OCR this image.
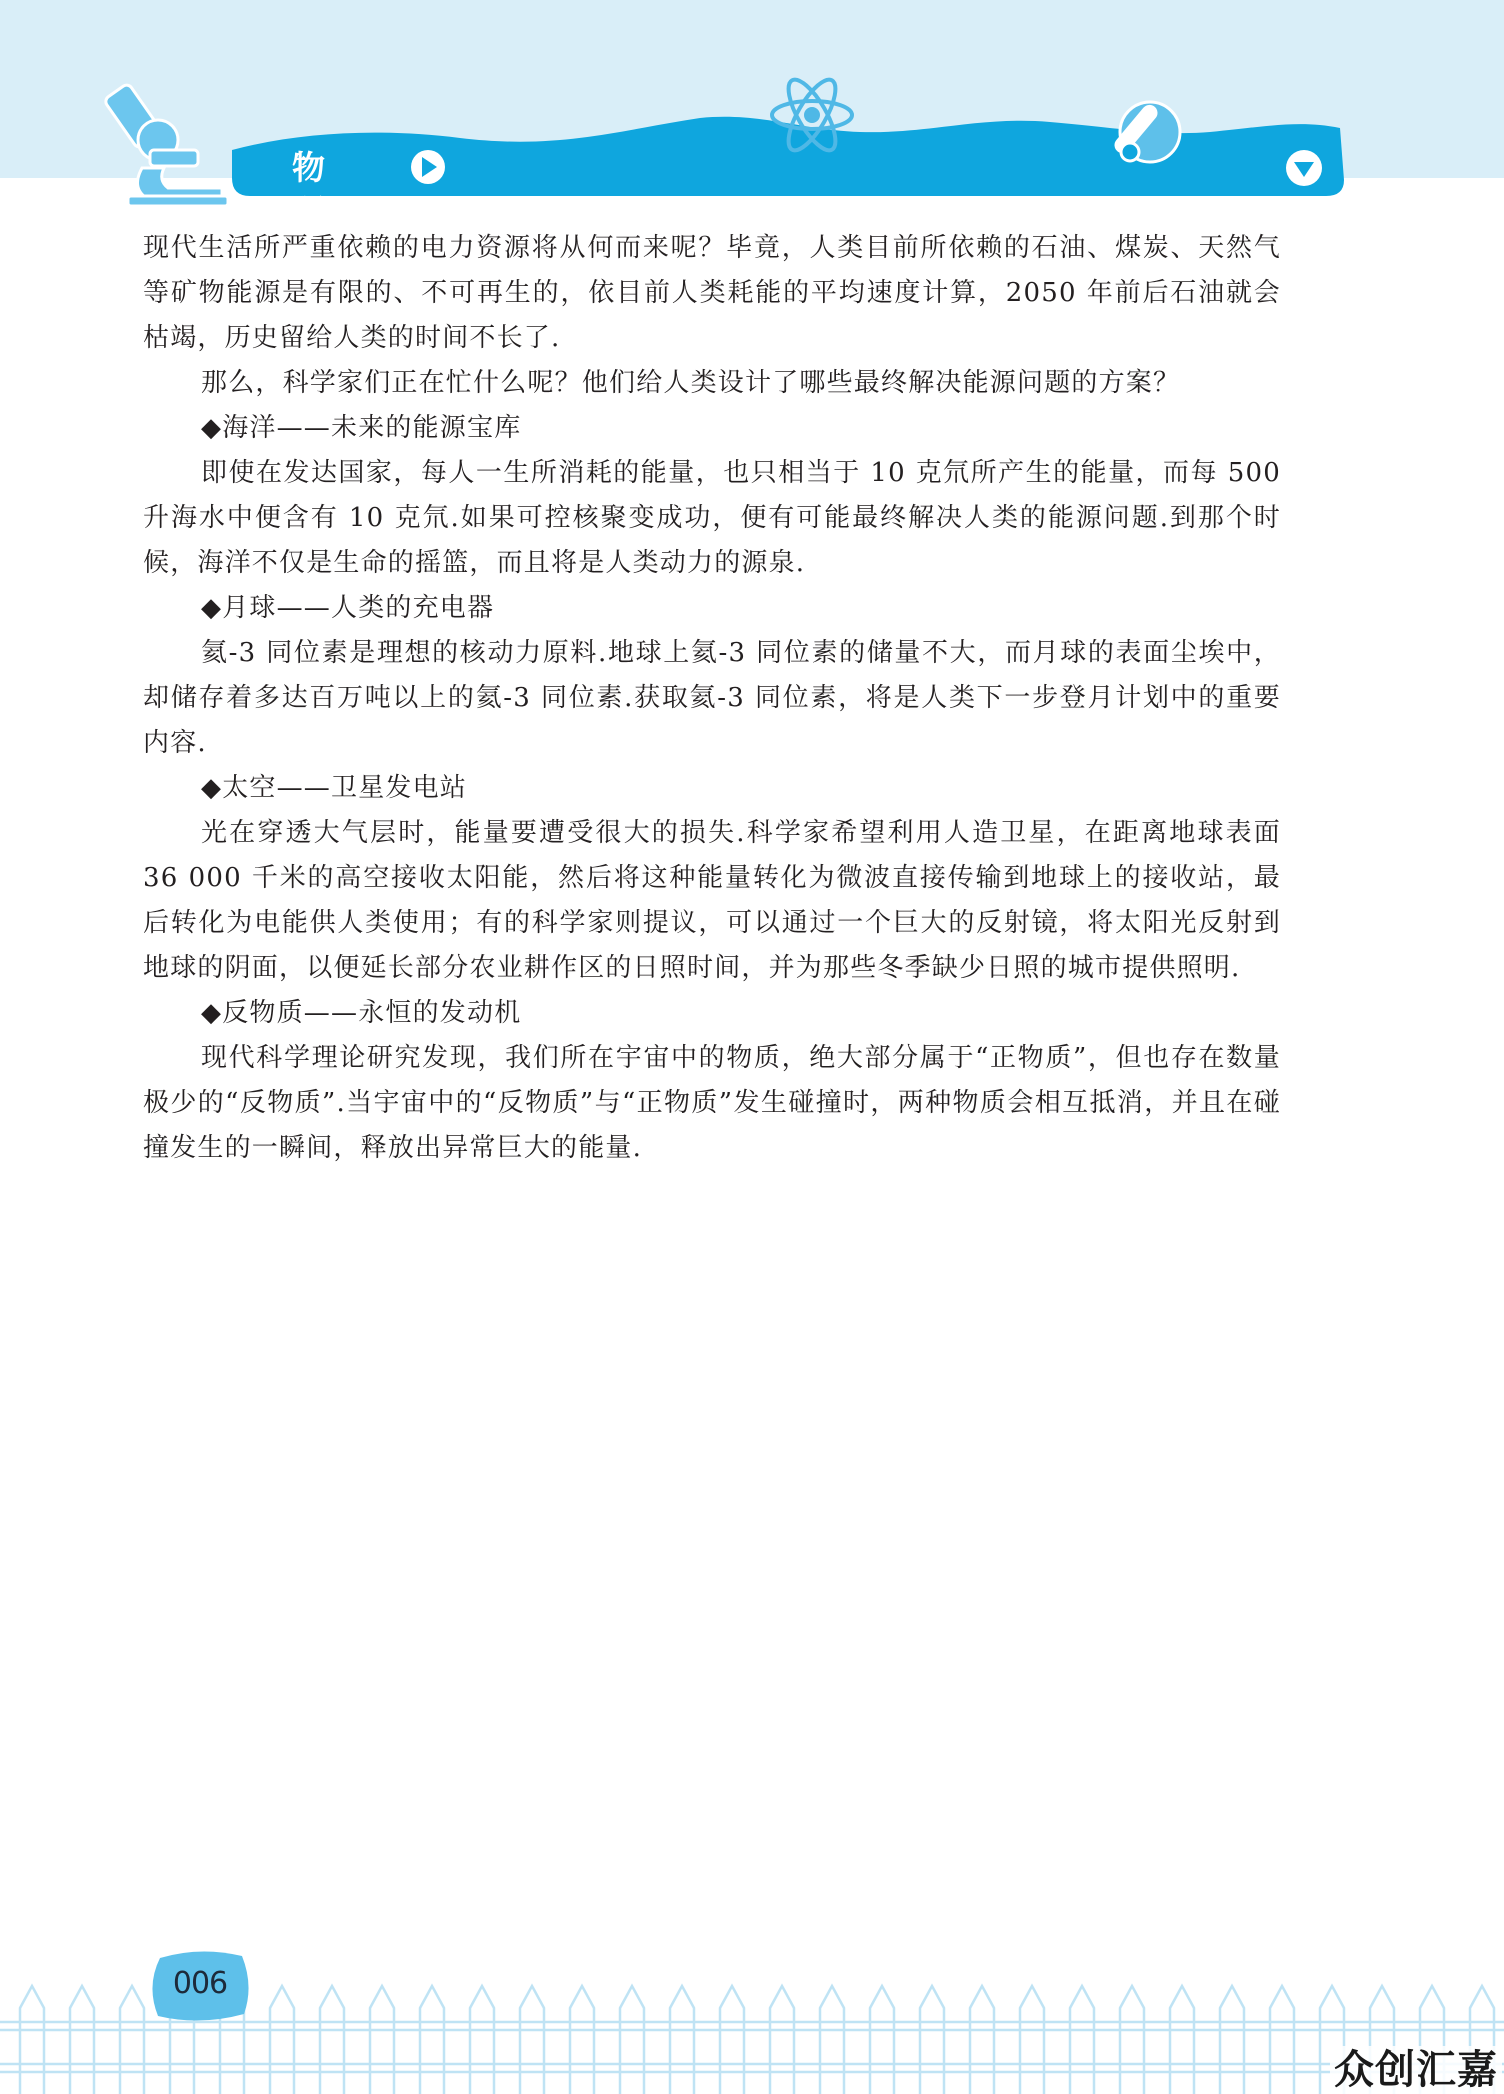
物 理

现代生活所严重依赖的电力资源将从何而来呢？毕竟，人类目前所依赖的石油、煤炭、天然气等矿物能源是有限的、不可再生的，依目前人类耗能的平均速度计算，2050 年前后石油就会枯竭，历史留给人类的时间不长了.

那么，科学家们正在忙什么呢？他们给人类设计了哪些最终解决能源问题的方案？

◆海洋——未来的能源宝库

即使在发达国家，每人一生所消耗的能量，也只相当于 10 克氘所产生的能量，而每 500 升海水中便含有 10 克氘.如果可控核聚变成功，便有可能最终解决人类的能源问题.到那个时候，海洋不仅是生命的摇篮，而且将是人类动力的源泉.

◆月球——人类的充电器

氦-3 同位素是理想的核动力原料.地球上氦-3 同位素的储量不大，而月球的表面尘埃中，却储存着多达百万吨以上的氦-3 同位素.获取氦-3 同位素，将是人类下一步登月计划中的重要内容.

◆太空——卫星发电站

光在穿透大气层时，能量要遭受很大的损失.科学家希望利用人造卫星，在距离地球表面 36 000 千米的高空接收太阳能，然后将这种能量转化为微波直接传输到地球上的接收站，最后转化为电能供人类使用；有的科学家则提议，可以通过一个巨大的反射镜，将太阳光反射到地球的阴面，以便延长部分农业耕作区的日照时间，并为那些冬季缺少日照的城市提供照明.

◆反物质——永恒的发动机

现代科学理论研究发现，我们所在宇宙中的物质，绝大部分属于“正物质”，但也存在数量极少的“反物质”.当宇宙中的“反物质”与“正物质”发生碰撞时，两种物质会相互抵消，并且在碰撞发生的一瞬间，释放出异常巨大的能量.

006
众创汇嘉
